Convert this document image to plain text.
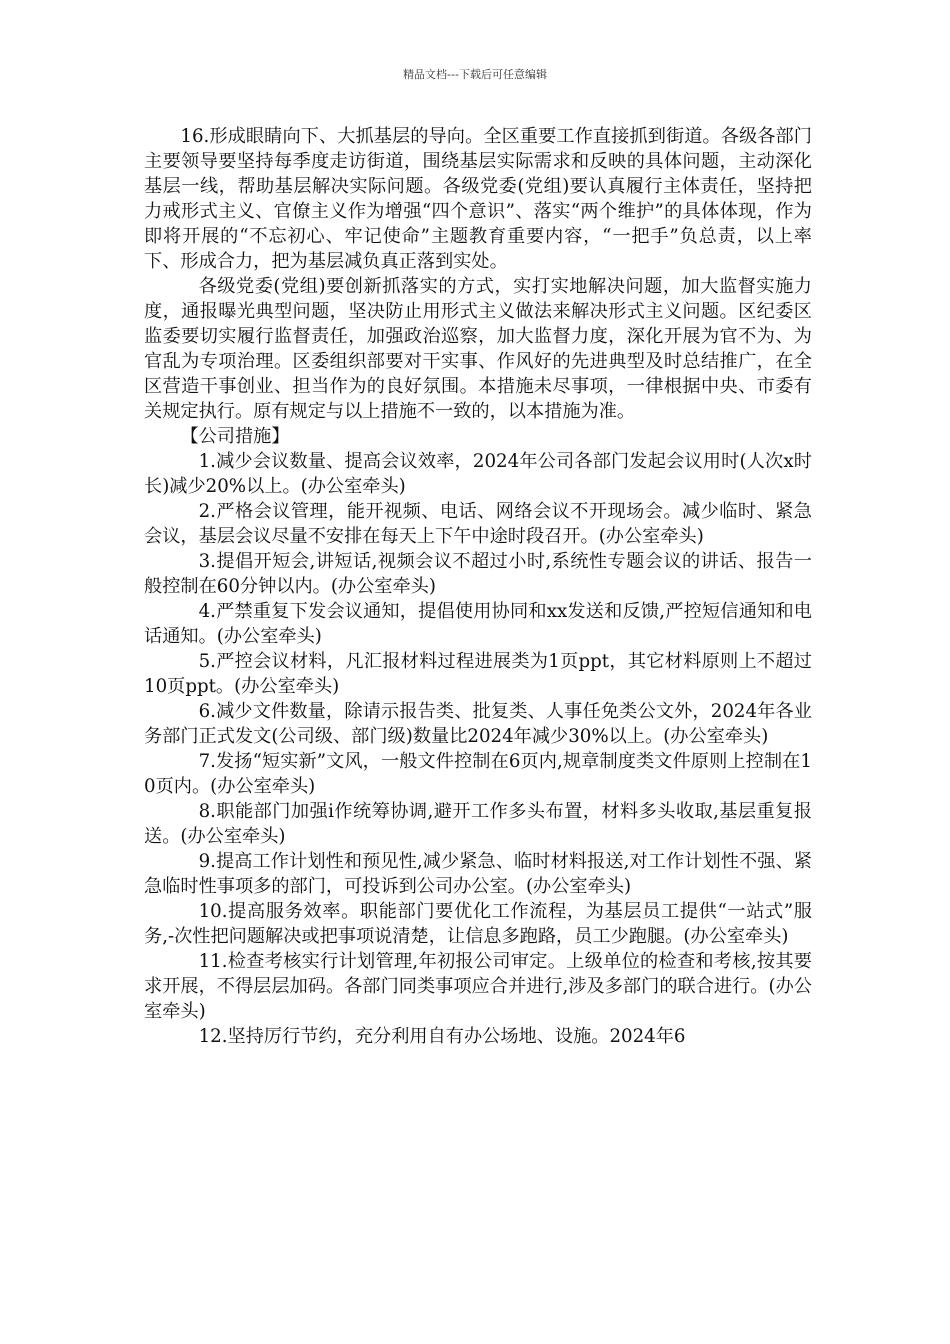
精品文档---下载后可任意编辑

16.形成眼睛向下、大抓基层的导向。全区重要工作直接抓到街道。各级各部门主要领导要坚持每季度走访街道，围绕基层实际需求和反映的具体问题，主动深化基层一线，帮助基层解决实际问题。各级党委(党组)要认真履行主体责任，坚持把力戒形式主义、官僚主义作为增强“四个意识”、落实“两个维护”的具体体现，作为即将开展的“不忘初心、牢记使命”主题教育重要内容，“一把手”负总责，以上率下、形成合力，把为基层减负真正落到实处。

各级党委(党组)要创新抓落实的方式，实打实地解决问题，加大监督实施力度，通报曝光典型问题，坚决防止用形式主义做法来解决形式主义问题。区纪委区监委要切实履行监督责任，加强政治巡察，加大监督力度，深化开展为官不为、为官乱为专项治理。区委组织部要对干实事、作风好的先进典型及时总结推广，在全区营造干事创业、担当作为的良好氛围。本措施未尽事项，一律根据中央、市委有关规定执行。原有规定与以上措施不一致的，以本措施为准。

【公司措施】

1.减少会议数量、提高会议效率，2024年公司各部门发起会议用时(人次x时长)减少20%以上。(办公室牵头)

2.严格会议管理，能开视频、电话、网络会议不开现场会。减少临时、紧急会议，基层会议尽量不安排在每天上下午中途时段召开。(办公室牵头)

3.提倡开短会,讲短话,视频会议不超过小时,系统性专题会议的讲话、报告一般控制在60分钟以内。(办公室牵头)

4.严禁重复下发会议通知，提倡使用协同和xx发送和反馈,严控短信通知和电话通知。(办公室牵头)

5.严控会议材料，凡汇报材料过程进展类为1页ppt，其它材料原则上不超过10页ppt。(办公室牵头)

6.减少文件数量，除请示报告类、批复类、人事任免类公文外，2024年各业务部门正式发文(公司级、部门级)数量比2024年减少30%以上。(办公室牵头)

7.发扬“短实新”文风，一般文件控制在6页内,规章制度类文件原则上控制在10页内。(办公室牵头)

8.职能部门加强i作统筹协调,避开工作多头布置，材料多头收取,基层重复报送。(办公室牵头)

9.提高工作计划性和预见性,减少紧急、临时材料报送,对工作计划性不强、紧急临时性事项多的部门，可投诉到公司办公室。(办公室牵头)

10.提高服务效率。职能部门要优化工作流程，为基层员工提供“一站式”服务,-次性把问题解决或把事项说清楚，让信息多跑路，员工少跑腿。(办公室牵头)

11.检查考核实行计划管理,年初报公司审定。上级单位的检查和考核,按其要求开展，不得层层加码。各部门同类事项应合并进行,涉及多部门的联合进行。(办公室牵头)

12.坚持厉行节约，充分利用自有办公场地、设施。2024年6
